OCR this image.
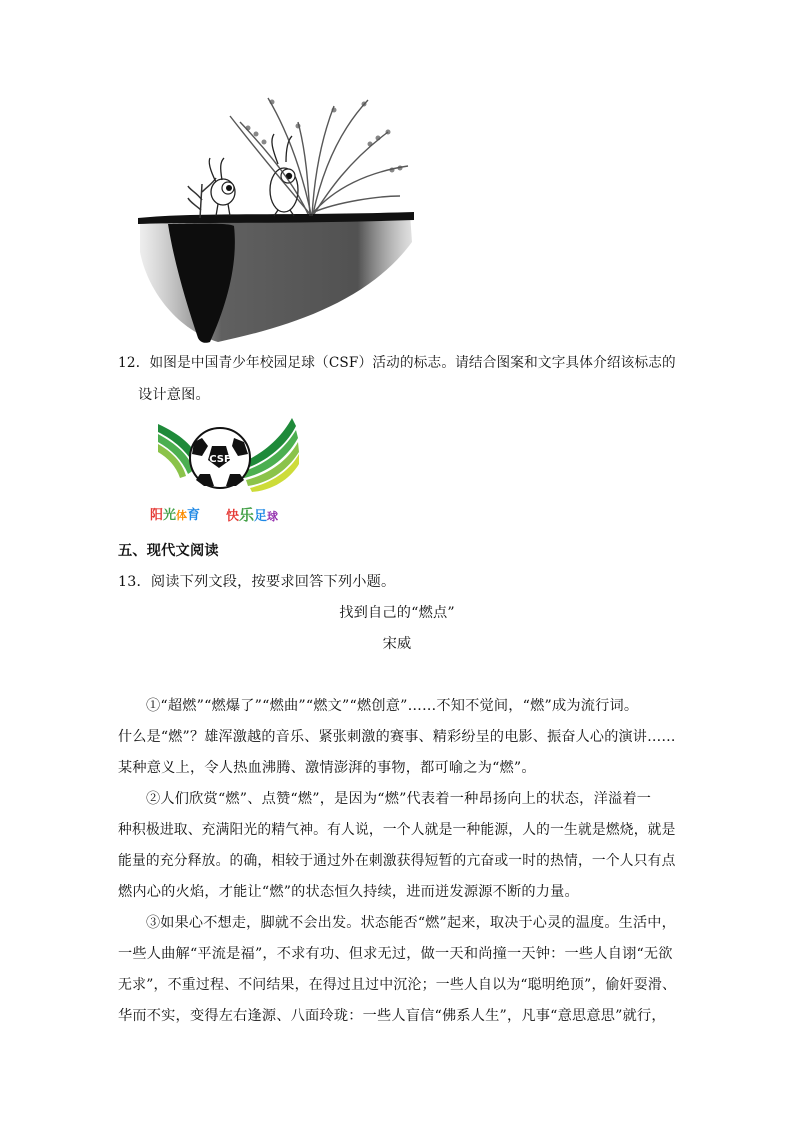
12．如图是中国青少年校园足球（CSF）活动的标志。请结合图案和文字具体介绍该标志的
设计意图。
CSF
阳光体育 快乐足球
五、现代文阅读
13．阅读下列文段，按要求回答下列小题。
找到自己的“燃点”
宋威
①“超燃”“燃爆了”“燃曲”“燃文”“燃创意”……不知不觉间，“燃”成为流行词。
什么是“燃”？雄浑激越的音乐、紧张刺激的赛事、精彩纷呈的电影、振奋人心的演讲……
某种意义上，令人热血沸腾、激情澎湃的事物，都可喻之为“燃”。
②人们欣赏“燃”、点赞“燃”，是因为“燃”代表着一种昂扬向上的状态，洋溢着一
种积极进取、充满阳光的精气神。有人说，一个人就是一种能源，人的一生就是燃烧，就是
能量的充分释放。的确，相较于通过外在刺激获得短暂的亢奋或一时的热情，一个人只有点
燃内心的火焰，才能让“燃”的状态恒久持续，进而迸发源源不断的力量。
③如果心不想走，脚就不会出发。状态能否“燃”起来，取决于心灵的温度。生活中，
一些人曲解“平流是福”，不求有功、但求无过，做一天和尚撞一天钟：一些人自诩“无欲
无求”，不重过程、不问结果，在得过且过中沉沦；一些人自以为“聪明绝顶”，偷奸耍滑、
华而不实，变得左右逢源、八面玲珑：一些人盲信“佛系人生”，凡事“意思意思”就行，
